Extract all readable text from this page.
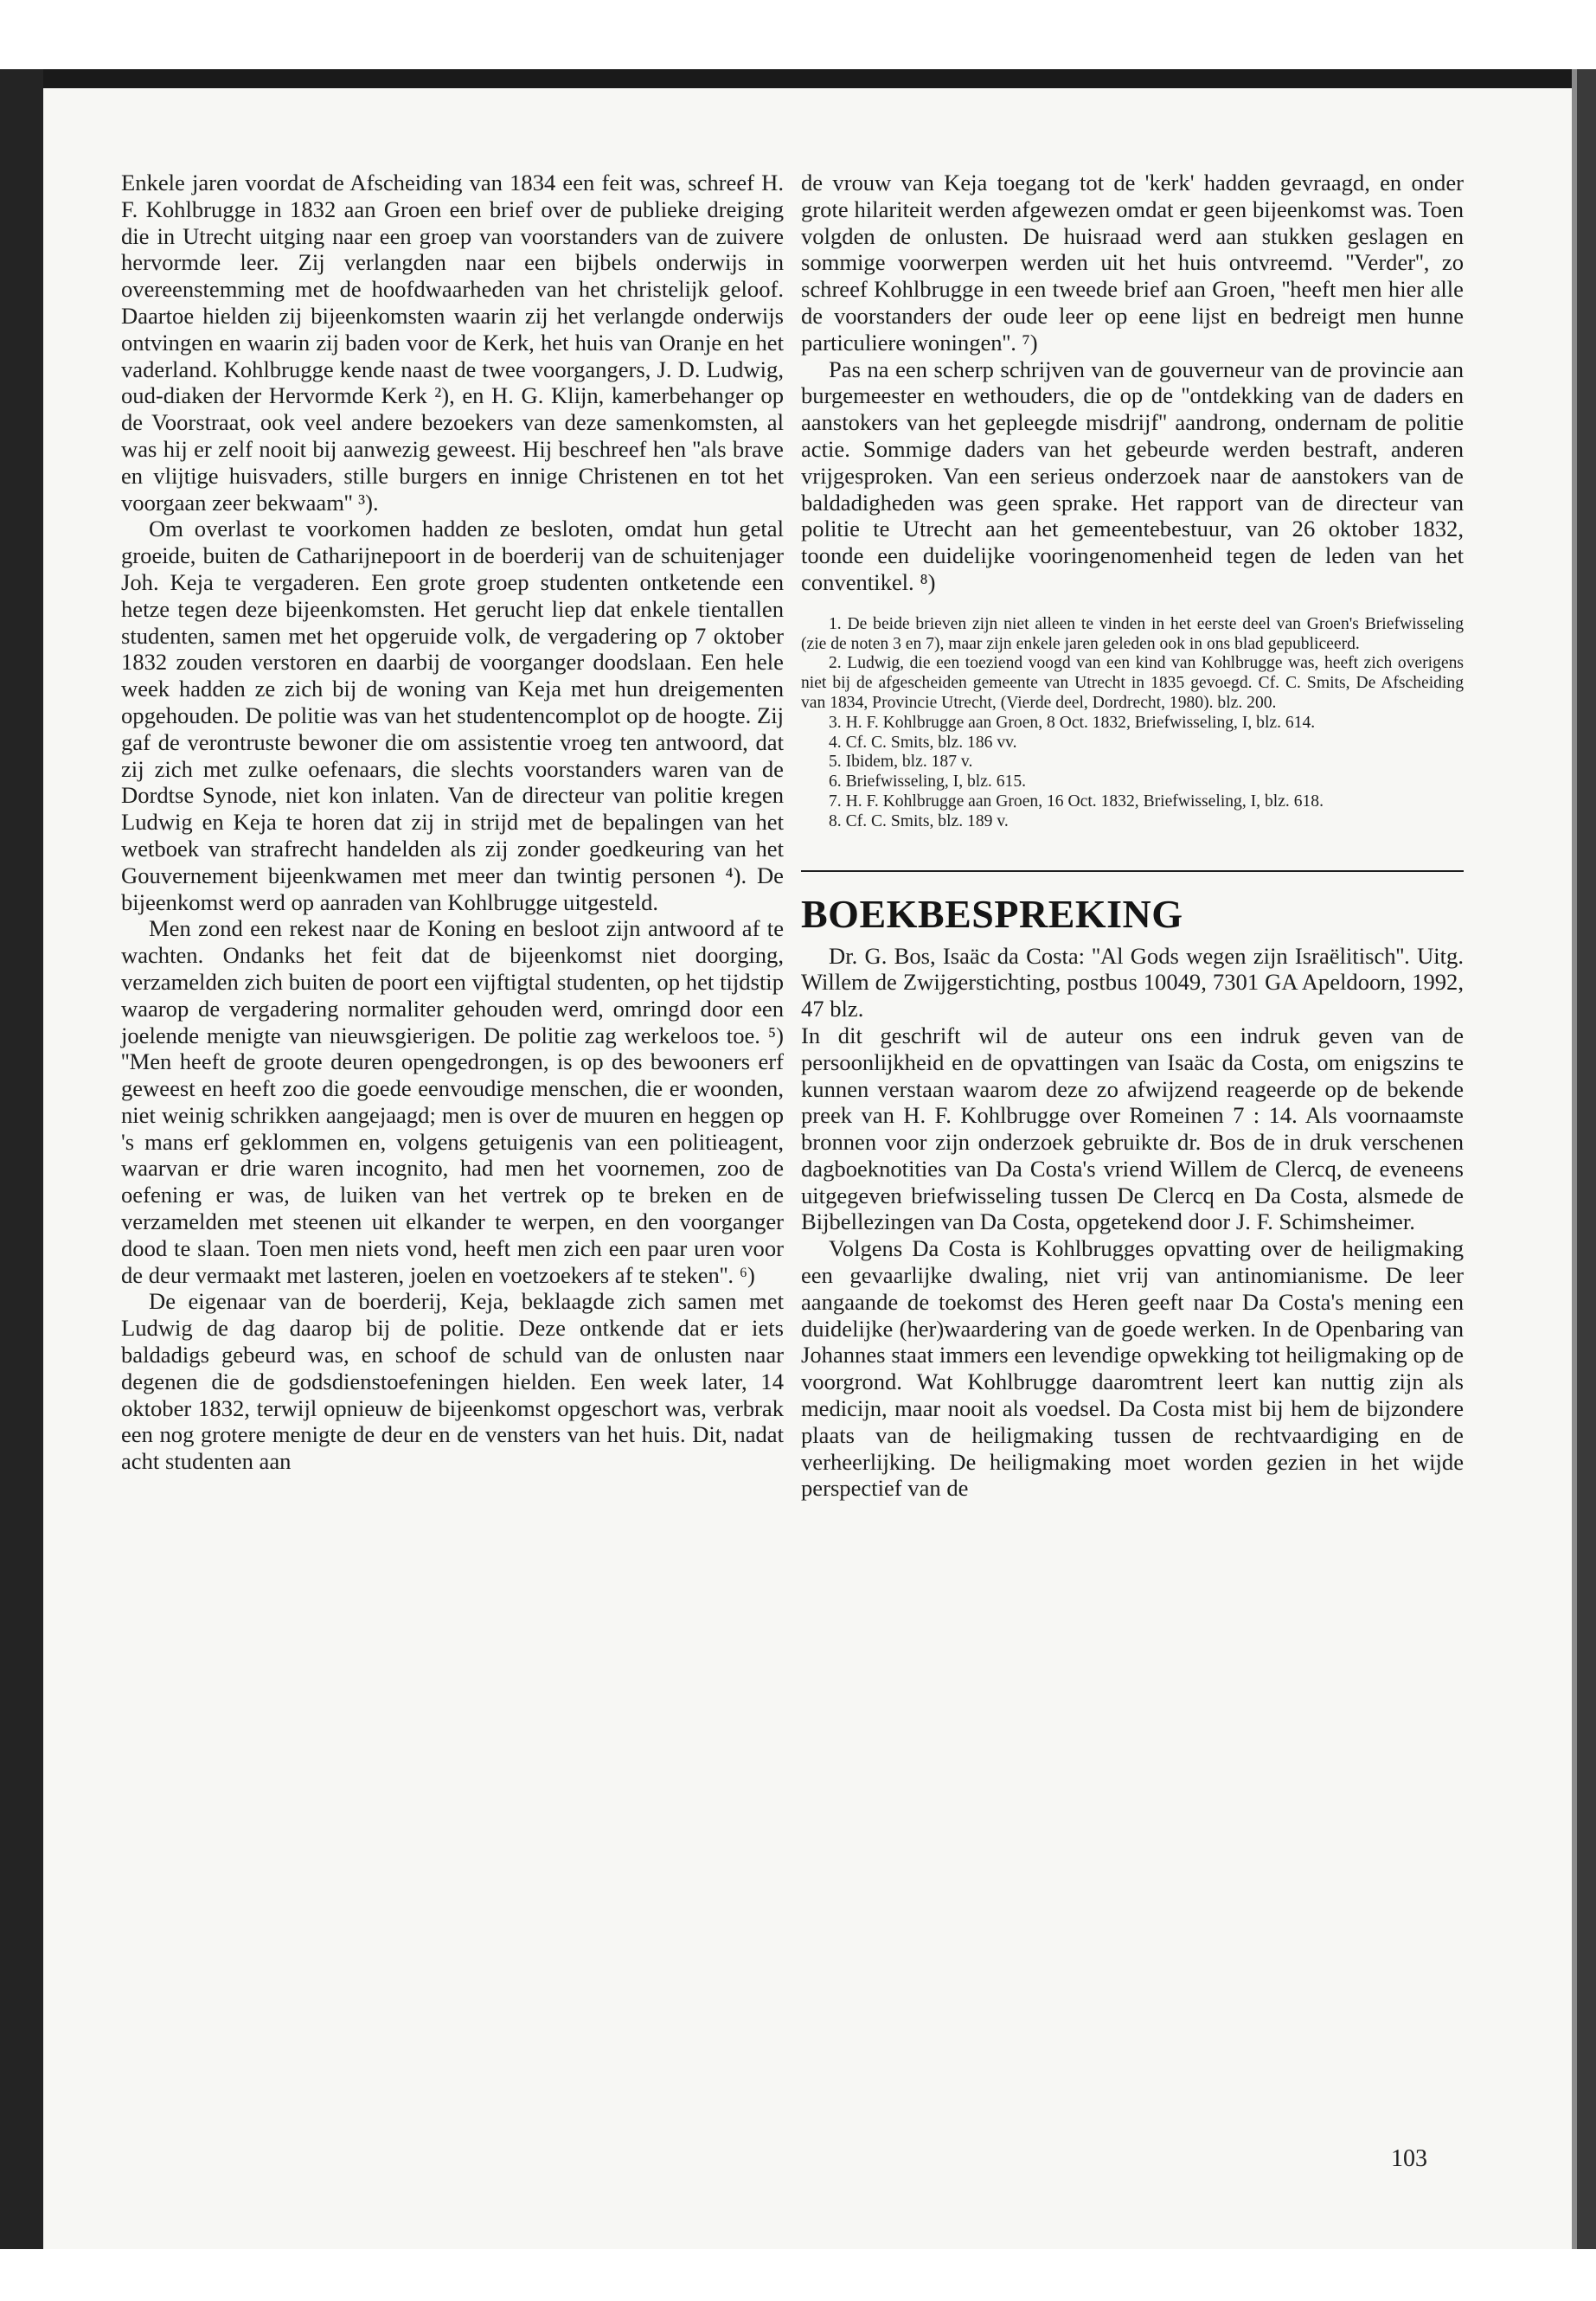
Enkele jaren voordat de Afscheiding van 1834 een feit was, schreef H. F. Kohlbrugge in 1832 aan Groen een brief over de publieke dreiging die in Utrecht uitging naar een groep van voorstanders van de zuivere hervormde leer. Zij verlangden naar een bijbels onderwijs in overeenstemming met de hoofdwaarheden van het christelijk geloof. Daartoe hielden zij bijeenkomsten waarin zij het verlangde onderwijs ontvingen en waarin zij baden voor de Kerk, het huis van Oranje en het vaderland. Kohlbrugge kende naast de twee voorgangers, J. D. Ludwig, oud-diaken der Hervormde Kerk ²), en H. G. Klijn, kamerbehanger op de Voorstraat, ook veel andere bezoekers van deze samenkomsten, al was hij er zelf nooit bij aanwezig geweest. Hij beschreef hen ''als brave en vlijtige huisvaders, stille burgers en innige Christenen en tot het voorgaan zeer bekwaam'' ³).

Om overlast te voorkomen hadden ze besloten, omdat hun getal groeide, buiten de Catharijnepoort in de boerderij van de schuitenjager Joh. Keja te vergaderen. Een grote groep studenten ontketende een hetze tegen deze bijeenkomsten. Het gerucht liep dat enkele tientallen studenten, samen met het opgeruide volk, de vergadering op 7 oktober 1832 zouden verstoren en daarbij de voorganger doodslaan. Een hele week hadden ze zich bij de woning van Keja met hun dreigementen opgehouden. De politie was van het studentencomplot op de hoogte. Zij gaf de verontruste bewoner die om assistentie vroeg ten antwoord, dat zij zich met zulke oefenaars, die slechts voorstanders waren van de Dordtse Synode, niet kon inlaten. Van de directeur van politie kregen Ludwig en Keja te horen dat zij in strijd met de bepalingen van het wetboek van strafrecht handelden als zij zonder goedkeuring van het Gouvernement bijeenkwamen met meer dan twintig personen ⁴). De bijeenkomst werd op aanraden van Kohlbrugge uitgesteld.

Men zond een rekest naar de Koning en besloot zijn antwoord af te wachten. Ondanks het feit dat de bijeenkomst niet doorging, verzamelden zich buiten de poort een vijftigtal studenten, op het tijdstip waarop de vergadering normaliter gehouden werd, omringd door een joelende menigte van nieuwsgierigen. De politie zag werkeloos toe. ⁵) ''Men heeft de groote deuren opengedrongen, is op des bewooners erf geweest en heeft zoo die goede eenvoudige menschen, die er woonden, niet weinig schrikken aangejaagd; men is over de muuren en heggen op 's mans erf geklommen en, volgens getuigenis van een politieagent, waarvan er drie waren incognito, had men het voornemen, zoo de oefening er was, de luiken van het vertrek op te breken en de verzamelden met steenen uit elkander te werpen, en den voorganger dood te slaan. Toen men niets vond, heeft men zich een paar uren voor de deur vermaakt met lasteren, joelen en voetzoekers af te steken''. ⁶)

De eigenaar van de boerderij, Keja, beklaagde zich samen met Ludwig de dag daarop bij de politie. Deze ontkende dat er iets baldadigs gebeurd was, en schoof de schuld van de onlusten naar degenen die de godsdienstoefeningen hielden. Een week later, 14 oktober 1832, terwijl opnieuw de bijeenkomst opgeschort was, verbrak een nog grotere menigte de deur en de vensters van het huis. Dit, nadat acht studenten aan

de vrouw van Keja toegang tot de 'kerk' hadden gevraagd, en onder grote hilariteit werden afgewezen omdat er geen bijeenkomst was. Toen volgden de onlusten. De huisraad werd aan stukken geslagen en sommige voorwerpen werden uit het huis ontvreemd. ''Verder'', zo schreef Kohlbrugge in een tweede brief aan Groen, ''heeft men hier alle de voorstanders der oude leer op eene lijst en bedreigt men hunne particuliere woningen''. ⁷)

Pas na een scherp schrijven van de gouverneur van de provincie aan burgemeester en wethouders, die op de ''ontdekking van de daders en aanstokers van het gepleegde misdrijf'' aandrong, ondernam de politie actie. Sommige daders van het gebeurde werden bestraft, anderen vrijgesproken. Van een serieus onderzoek naar de aanstokers van de baldadigheden was geen sprake. Het rapport van de directeur van politie te Utrecht aan het gemeentebestuur, van 26 oktober 1832, toonde een duidelijke vooringenomenheid tegen de leden van het conventikel. ⁸)

1. De beide brieven zijn niet alleen te vinden in het eerste deel van Groen's Briefwisseling (zie de noten 3 en 7), maar zijn enkele jaren geleden ook in ons blad gepubliceerd.

2. Ludwig, die een toeziend voogd van een kind van Kohlbrugge was, heeft zich overigens niet bij de afgescheiden gemeente van Utrecht in 1835 gevoegd. Cf. C. Smits, De Afscheiding van 1834, Provincie Utrecht, (Vierde deel, Dordrecht, 1980). blz. 200.

3. H. F. Kohlbrugge aan Groen, 8 Oct. 1832, Briefwisseling, I, blz. 614.

4. Cf. C. Smits, blz. 186 vv.

5. Ibidem, blz. 187 v.

6. Briefwisseling, I, blz. 615.

7. H. F. Kohlbrugge aan Groen, 16 Oct. 1832, Briefwisseling, I, blz. 618.

8. Cf. C. Smits, blz. 189 v.

BOEKBESPREKING

Dr. G. Bos, Isaäc da Costa: ''Al Gods wegen zijn Israëlitisch''. Uitg. Willem de Zwijgerstichting, postbus 10049, 7301 GA Apeldoorn, 1992, 47 blz.

In dit geschrift wil de auteur ons een indruk geven van de persoonlijkheid en de opvattingen van Isaäc da Costa, om enigszins te kunnen verstaan waarom deze zo afwijzend reageerde op de bekende preek van H. F. Kohlbrugge over Romeinen 7 : 14. Als voornaamste bronnen voor zijn onderzoek gebruikte dr. Bos de in druk verschenen dagboeknotities van Da Costa's vriend Willem de Clercq, de eveneens uitgegeven briefwisseling tussen De Clercq en Da Costa, alsmede de Bijbellezingen van Da Costa, opgetekend door J. F. Schimsheimer.

Volgens Da Costa is Kohlbrugges opvatting over de heiligmaking een gevaarlijke dwaling, niet vrij van antinomianisme. De leer aangaande de toekomst des Heren geeft naar Da Costa's mening een duidelijke (her)waardering van de goede werken. In de Openbaring van Johannes staat immers een levendige opwekking tot heiligmaking op de voorgrond. Wat Kohlbrugge daaromtrent leert kan nuttig zijn als medicijn, maar nooit als voedsel. Da Costa mist bij hem de bijzondere plaats van de heiligmaking tussen de rechtvaardiging en de verheerlijking. De heiligmaking moet worden gezien in het wijde perspectief van de

103
